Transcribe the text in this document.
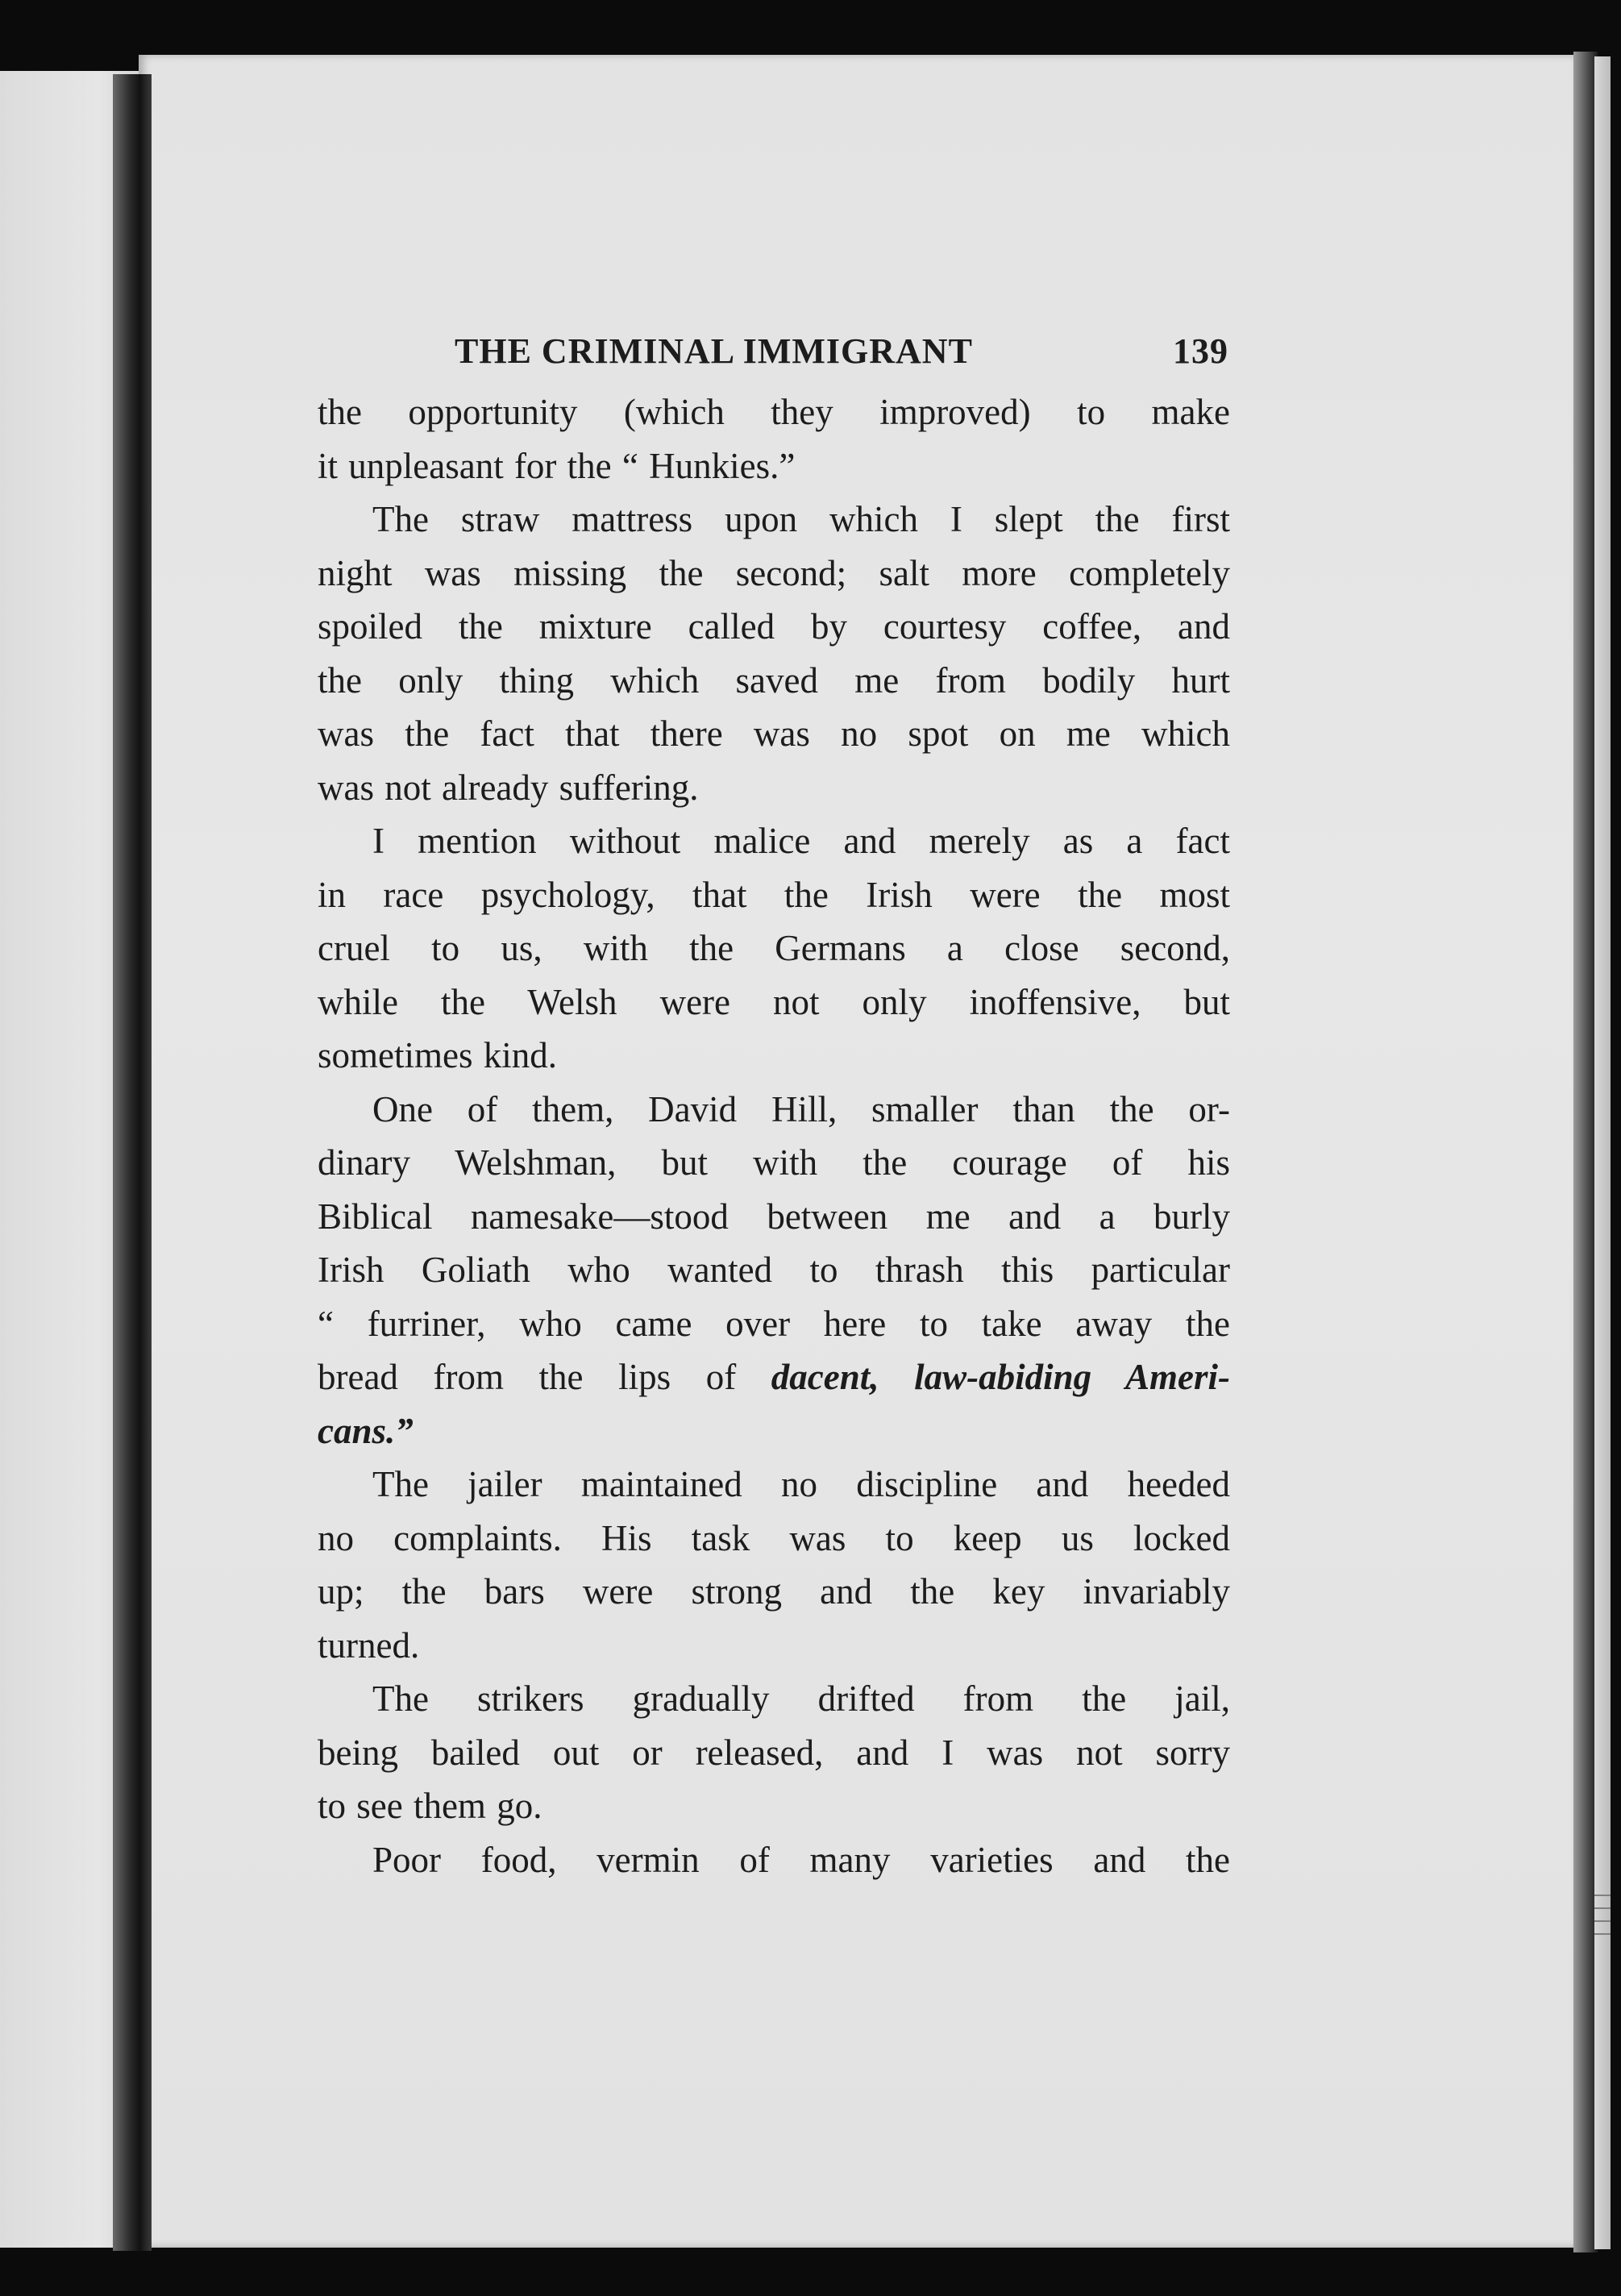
THE CRIMINAL IMMIGRANT	139
the opportunity (which they improved) to make
it unpleasant for the “ Hunkies.”
The straw mattress upon which I slept the first
night was missing the second; salt more completely
spoiled the mixture called by courtesy coffee, and
the only thing which saved me from bodily hurt
was the fact that there was no spot on me which
was not already suffering.
I mention without malice and merely as a fact
in race psychology, that the Irish were the most
cruel to us, with the Germans a close second,
while the Welsh were not only inoffensive, but
sometimes kind.
One of them, David Hill, smaller than the or-
dinary Welshman, but with the courage of his
Biblical namesake—stood between me and a burly
Irish Goliath who wanted to thrash this particular
“ furriner, who came over here to take away the
bread from the lips of dacent, law-abiding Ameri-
cans.”
The jailer maintained no discipline and heeded
no complaints. His task was to keep us locked
up; the bars were strong and the key invariably
turned.
The strikers gradually drifted from the jail,
being bailed out or released, and I was not sorry
to see them go.
Poor food, vermin of many varieties and the
